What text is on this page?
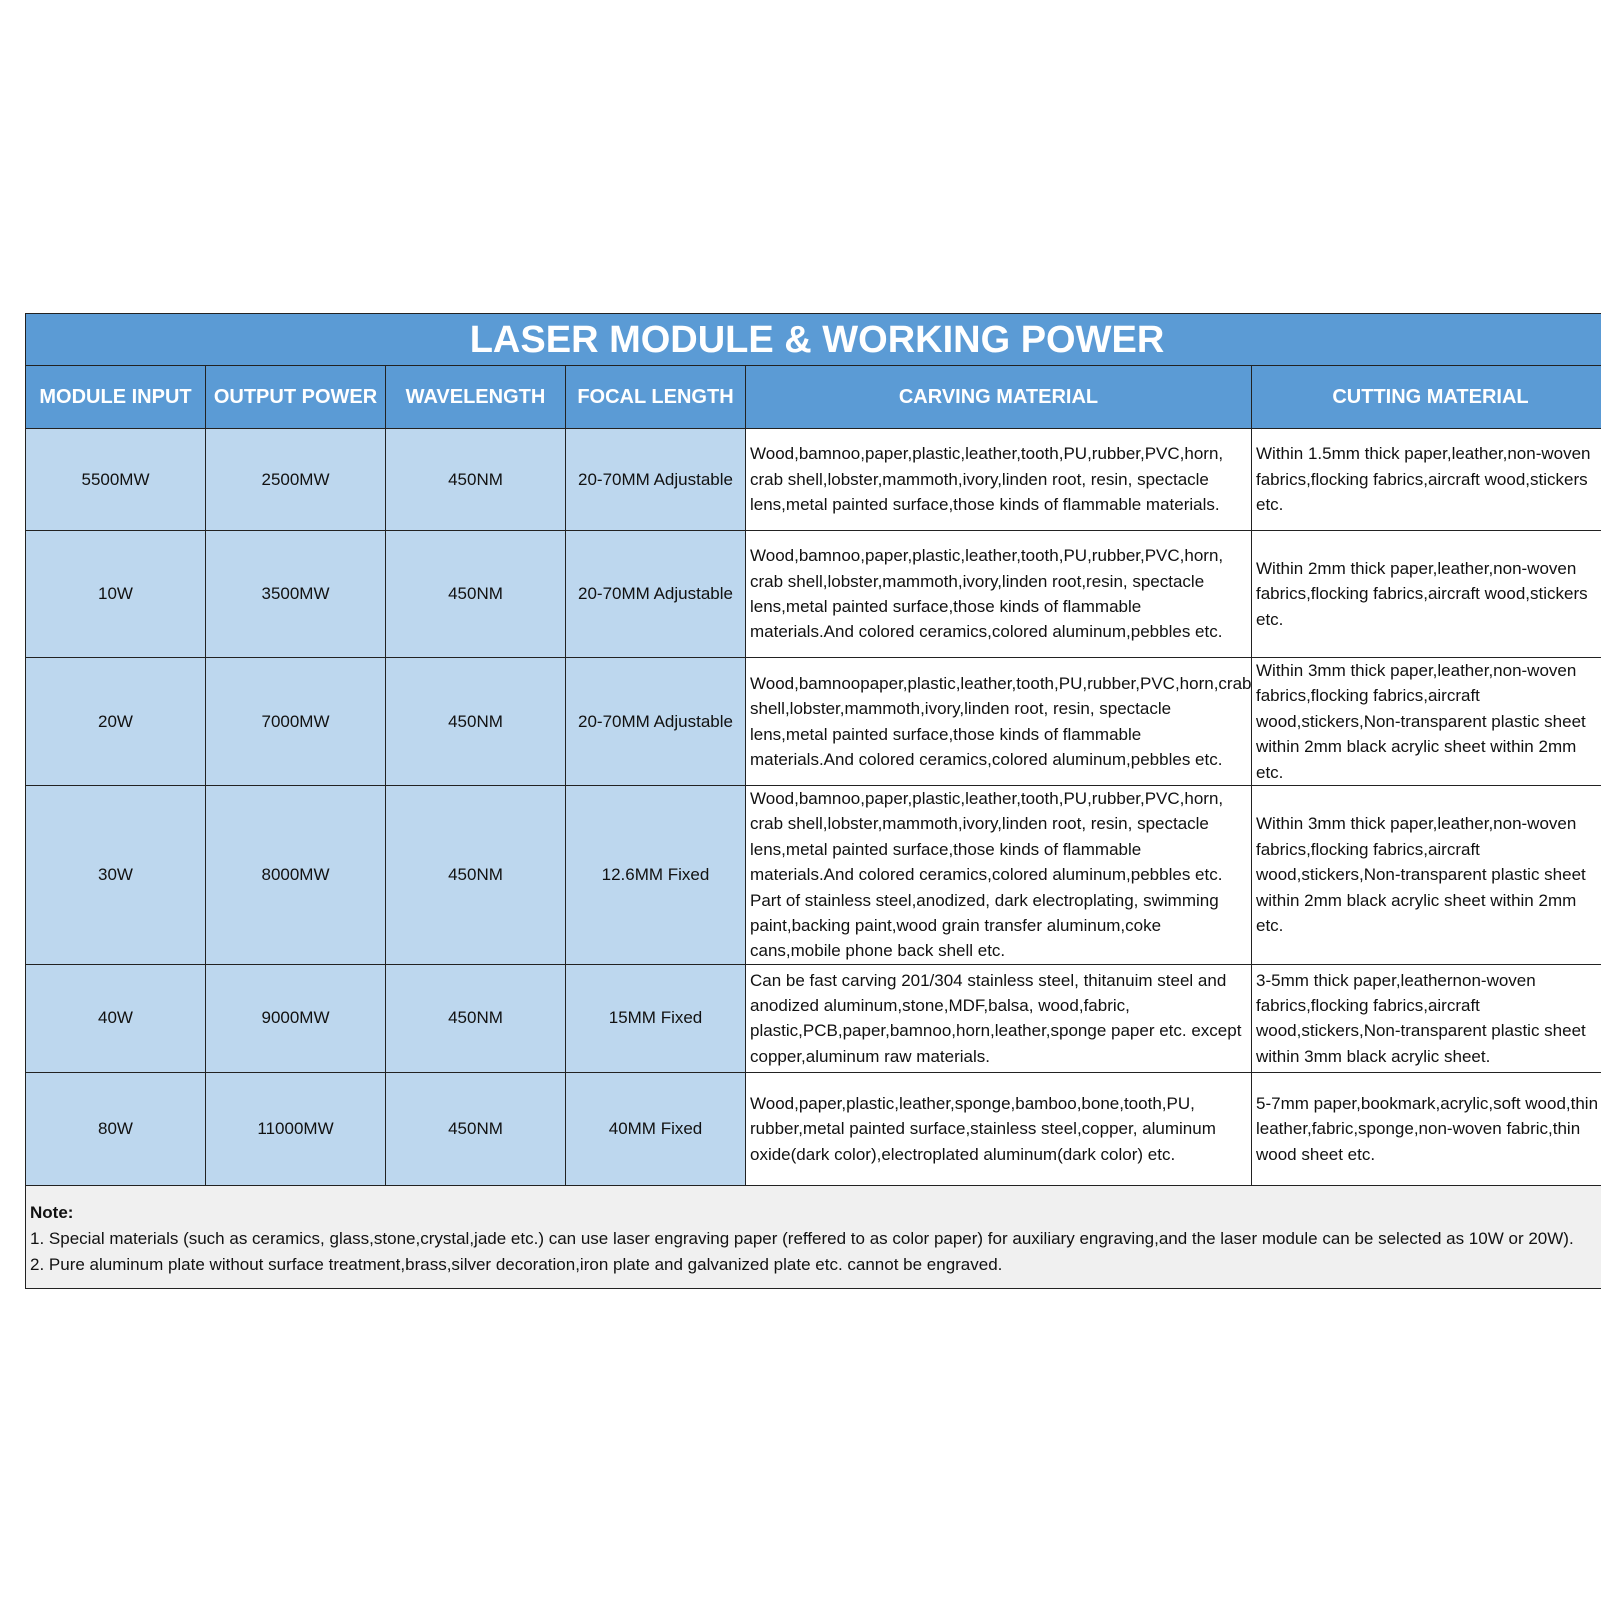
LASER MODULE & WORKING POWER
MODULE INPUT	OUTPUT POWER	WAVELENGTH	FOCAL LENGTH	CARVING MATERIAL	CUTTING MATERIAL
5500MW	2500MW	450NM	20-70MM Adjustable	Wood,bamnoo,paper,plastic,leather,tooth,PU,rubber,PVC,horn, crab shell,lobster,mammoth,ivory,linden root, resin, spectacle lens,metal painted surface,those kinds of flammable materials.	Within 1.5mm thick paper,leather,non-woven fabrics,flocking fabrics,aircraft wood,stickers etc.
10W	3500MW	450NM	20-70MM Adjustable	Wood,bamnoo,paper,plastic,leather,tooth,PU,rubber,PVC,horn, crab shell,lobster,mammoth,ivory,linden root,resin, spectacle lens,metal painted surface,those kinds of flammable materials.And colored ceramics,colored aluminum,pebbles etc.	Within 2mm thick paper,leather,non-woven fabrics,flocking fabrics,aircraft wood,stickers etc.
20W	7000MW	450NM	20-70MM Adjustable	Wood,bamnoopaper,plastic,leather,tooth,PU,rubber,PVC,horn,crab shell,lobster,mammoth,ivory,linden root, resin, spectacle lens,metal painted surface,those kinds of flammable materials.And colored ceramics,colored aluminum,pebbles etc.	Within 3mm thick paper,leather,non-woven fabrics,flocking fabrics,aircraft wood,stickers,Non-transparent plastic sheet within 2mm black acrylic sheet within 2mm etc.
30W	8000MW	450NM	12.6MM Fixed	Wood,bamnoo,paper,plastic,leather,tooth,PU,rubber,PVC,horn, crab shell,lobster,mammoth,ivory,linden root, resin, spectacle lens,metal painted surface,those kinds of flammable materials.And colored ceramics,colored aluminum,pebbles etc. Part of stainless steel,anodized, dark electroplating, swimming paint,backing paint,wood grain transfer aluminum,coke cans,mobile phone back shell etc.	Within 3mm thick paper,leather,non-woven fabrics,flocking fabrics,aircraft wood,stickers,Non-transparent plastic sheet within 2mm black acrylic sheet within 2mm etc.
40W	9000MW	450NM	15MM Fixed	Can be fast carving 201/304 stainless steel, thitanuim steel and anodized aluminum,stone,MDF,balsa, wood,fabric, plastic,PCB,paper,bamnoo,horn,leather,sponge paper etc. except copper,aluminum raw materials.	3-5mm thick paper,leathernon-woven fabrics,flocking fabrics,aircraft wood,stickers,Non-transparent plastic sheet within 3mm black acrylic sheet.
80W	11000MW	450NM	40MM Fixed	Wood,paper,plastic,leather,sponge,bamboo,bone,tooth,PU, rubber,metal painted surface,stainless steel,copper, aluminum oxide(dark color),electroplated aluminum(dark color) etc.	5-7mm paper,bookmark,acrylic,soft wood,thin leather,fabric,sponge,non-woven fabric,thin wood sheet etc.
Note:
1. Special materials (such as ceramics, glass,stone,crystal,jade etc.) can use laser engraving paper (reffered to as color paper) for auxiliary engraving,and the laser module can be selected as 10W or 20W).
2. Pure aluminum plate without surface treatment,brass,silver decoration,iron plate and galvanized plate etc. cannot be engraved.
